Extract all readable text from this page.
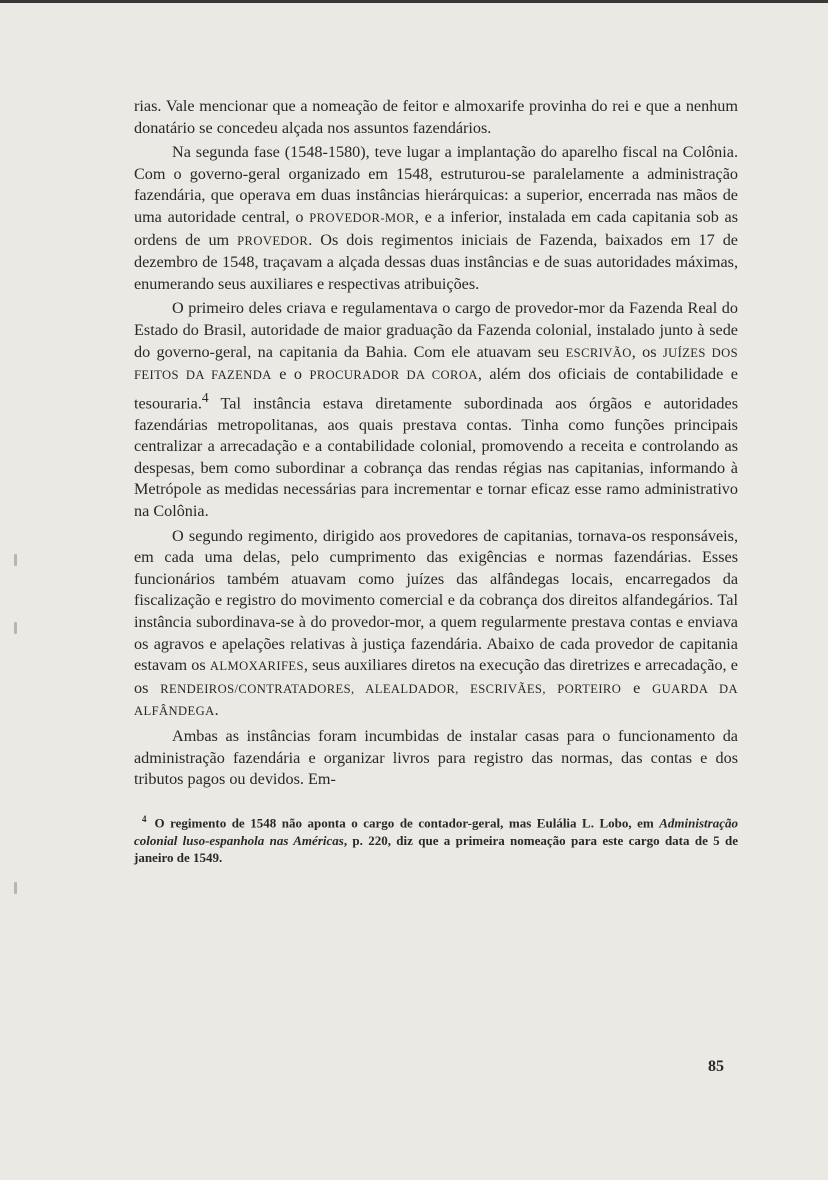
rias. Vale mencionar que a nomeação de feitor e almoxarife provinha do rei e que a nenhum donatário se concedeu alçada nos assuntos fazendários.

Na segunda fase (1548-1580), teve lugar a implantação do aparelho fiscal na Colônia. Com o governo-geral organizado em 1548, estruturou-se paralelamente a administração fazendária, que operava em duas instâncias hierárquicas: a superior, encerrada nas mãos de uma autoridade central, o PROVEDOR-MOR, e a inferior, instalada em cada capitania sob as ordens de um PROVEDOR. Os dois regimentos iniciais de Fazenda, baixados em 17 de dezembro de 1548, traçavam a alçada dessas duas instâncias e de suas autoridades máximas, enumerando seus auxiliares e respectivas atribuições.

O primeiro deles criava e regulamentava o cargo de provedor-mor da Fazenda Real do Estado do Brasil, autoridade de maior graduação da Fazenda colonial, instalado junto à sede do governo-geral, na capitania da Bahia. Com ele atuavam seu ESCRIVÃO, os JUÍZES DOS FEITOS DA FAZENDA e o PROCURADOR DA COROA, além dos oficiais de contabilidade e tesouraria.$^4$ Tal instância estava diretamente subordinada aos órgãos e autoridades fazendárias metropolitanas, aos quais prestava contas. Tinha como funções principais centralizar a arrecadação e a contabilidade colonial, promovendo a receita e controlando as despesas, bem como subordinar a cobrança das rendas régias nas capitanias, informando à Metrópole as medidas necessárias para incrementar e tornar eficaz esse ramo administrativo na Colônia.

O segundo regimento, dirigido aos provedores de capitanias, tornava-os responsáveis, em cada uma delas, pelo cumprimento das exigências e normas fazendárias. Esses funcionários também atuavam como juízes das alfândegas locais, encarregados da fiscalização e registro do movimento comercial e da cobrança dos direitos alfandegários. Tal instância subordinava-se à do provedor-mor, a quem regularmente prestava contas e enviava os agravos e apelações relativas à justiça fazendária. Abaixo de cada provedor de capitania estavam os ALMOXARIFES, seus auxiliares diretos na execução das diretrizes e arrecadação, e os RENDEIROS/CONTRATADORES, ALEALDADOR, ESCRIVÃES, PORTEIRO e GUARDA DA ALFÂNDEGA.

Ambas as instâncias foram incumbidas de instalar casas para o funcionamento da administração fazendária e organizar livros para registro das normas, das contas e dos tributos pagos ou devidos. Em-

$^4$ O regimento de 1548 não aponta o cargo de contador-geral, mas Eulália L. Lobo, em Administração colonial luso-espanhola nas Américas, p. 220, diz que a primeira nomeação para este cargo data de 5 de janeiro de 1549.

85
